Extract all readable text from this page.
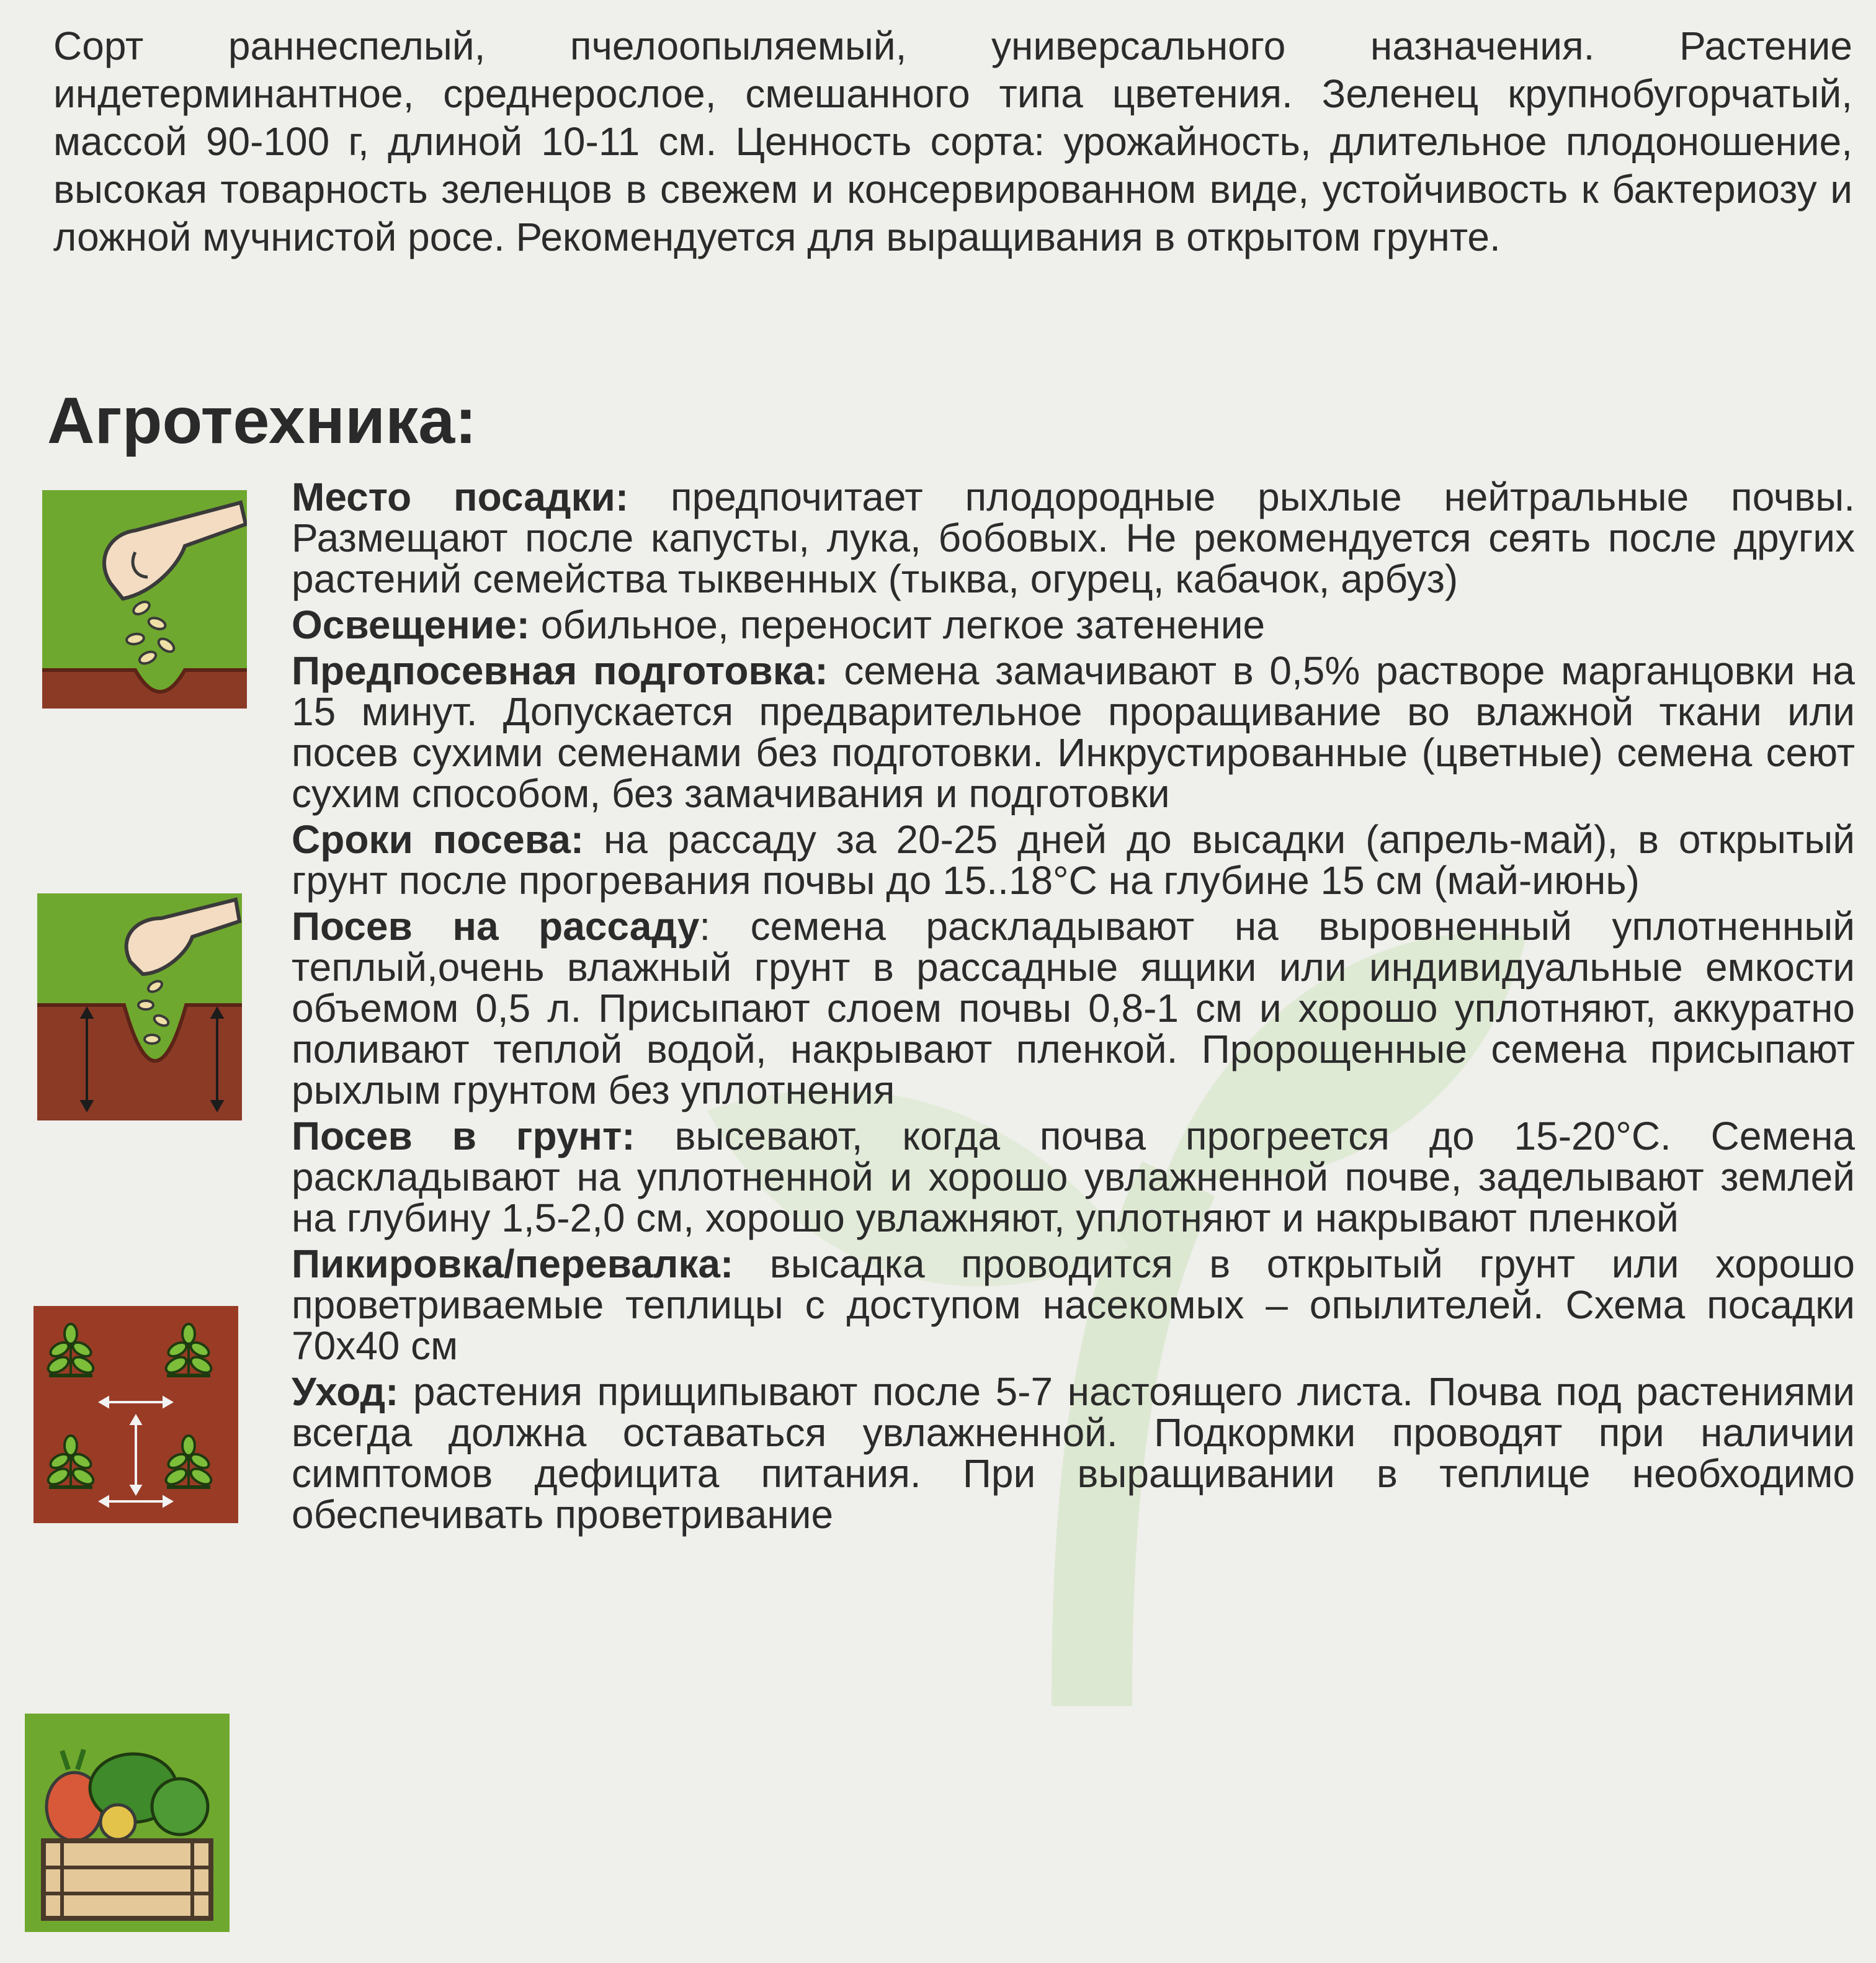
Сорт раннеспелый, пчелоопыляемый, универсального назначения. Растение индетерминантное, среднерослое, смешанного типа цветения. Зеленец крупнобугорчатый, массой 90-100 г, длиной 10-11 см. Ценность сорта: урожайность, длительное плодоношение, высокая товарность зеленцов в свежем и консервированном виде, устойчивость к бактериозу и ложной мучнистой росе. Рекомендуется для выращивания в открытом грунте.
Агротехника:

Место посадки: предпочитает плодородные рыхлые нейтральные почвы. Размещают после капусты, лука, бобовых. Не рекомендуется сеять после других растений семейства тыквенных (тыква, огурец, кабачок, арбуз)

Освещение: обильное, переносит легкое затенение

Предпосевная подготовка: семена замачивают в 0,5% растворе марганцовки на 15 минут. Допускается предварительное проращивание во влажной ткани или посев сухими семенами без подготовки. Инкрустированные (цветные) семена сеют сухим способом, без замачивания и подготовки

Сроки посева: на рассаду за 20-25 дней до высадки (апрель-май), в открытый грунт после прогревания почвы до 15..18°С на глубине 15 см (май-июнь)

Посев на рассаду: семена раскладывают на выровненный уплотненный теплый,очень влажный грунт в рассадные ящики или индивидуальные емкости объемом 0,5 л. Присыпают слоем почвы 0,8-1 см и хорошо уплотняют, аккуратно поливают теплой водой, накрывают пленкой. Пророщенные семена присыпают рыхлым грунтом без уплотнения

Посев в грунт: высевают, когда почва прогреется до 15-20°С. Семена раскладывают на уплотненной и хорошо увлажненной почве, заделывают землей на глубину 1,5-2,0 см, хорошо увлажняют, уплотняют и накрывают пленкой

Пикировка/перевалка: высадка проводится в открытый грунт или хорошо проветриваемые теплицы с доступом насекомых – опылителей. Схема посадки 70х40 см

Уход: растения прищипывают после 5-7 настоящего листа. Почва под растениями всегда должна оставаться увлажненной. Подкормки проводят при наличии симптомов дефицита питания. При выращивании в теплице необходимо обеспечивать проветривание
